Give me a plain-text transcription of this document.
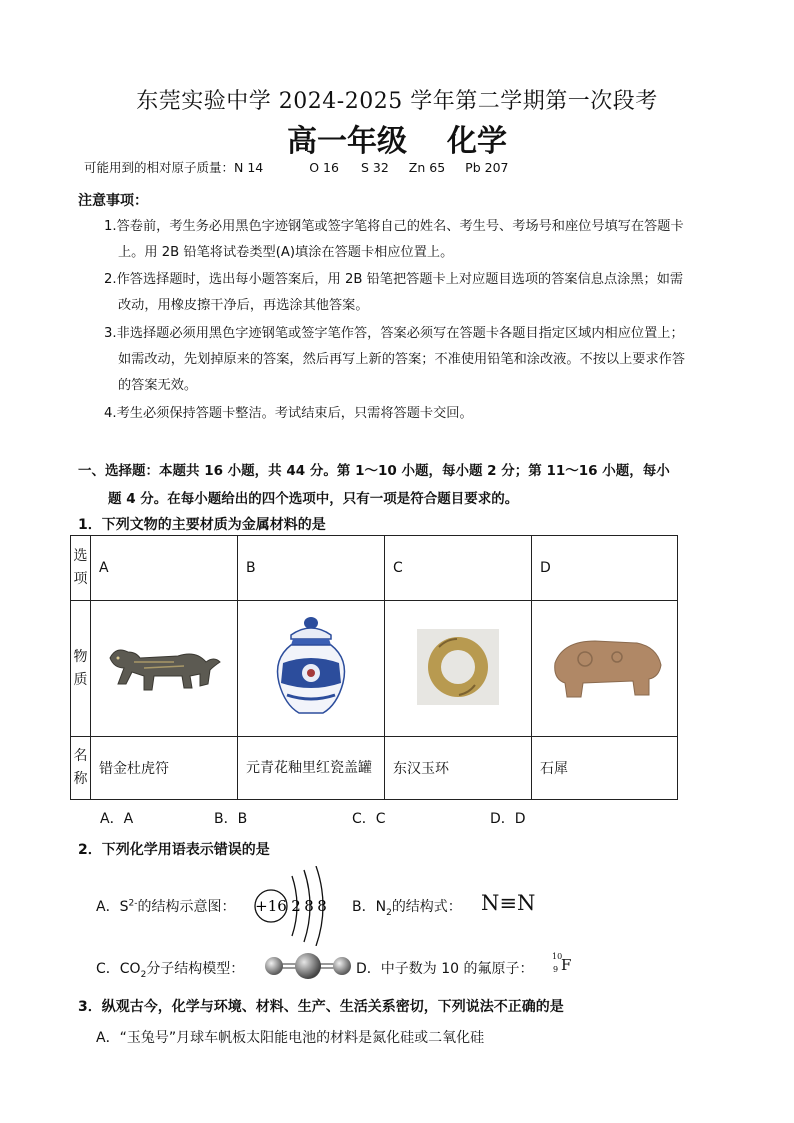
东莞实验中学 2024-2025 学年第二学期第一次段考
高一年级 化学
可能用到的相对原子质量：N 14	O 16 S 32 Zn 65 Pb 207
注意事项：
1.答卷前，考生务必用黑色字迹钢笔或签字笔将自己的姓名、考生号、考场号和座位号填写在答题卡
上。用 2B 铅笔将试卷类型(A)填涂在答题卡相应位置上。
2.作答选择题时，选出每小题答案后，用 2B 铅笔把答题卡上对应题目选项的答案信息点涂黑；如需
改动，用橡皮擦干净后，再选涂其他答案。
3.非选择题必须用黑色字迹钢笔或签字笔作答，答案必须写在答题卡各题目指定区域内相应位置上；
如需改动，先划掉原来的答案，然后再写上新的答案；不准使用铅笔和涂改液。不按以上要求作答
的答案无效。
4.考生必须保持答题卡整洁。考试结束后，只需将答题卡交回。
一、选择题：本题共 16 小题，共 44 分。第 1～10 小题，每小题 2 分；第 11～16 小题，每小
题 4 分。在每小题给出的四个选项中，只有一项是符合题目要求的。
1．下列文物的主要材质为金属材料的是
选
项	A	B	C	D

物
质

名
称	错金杜虎符	元青花釉里红瓷盖罐	东汉玉环	石犀
A．A	B．B	C．C	D．D
2．下列化学用语表示错误的是
A．$S^{2-}$的结构示意图： +16 2 8 8 B．$N_2$的结构式： N≡N
C．$CO_2$分子结构模型：	D．中子数为 10 的氟原子：
10
9 F
3．纵观古今，化学与环境、材料、生产、生活关系密切，下列说法不正确的是
A．“玉兔号”月球车帆板太阳能电池的材料是氮化硅或二氧化硅
